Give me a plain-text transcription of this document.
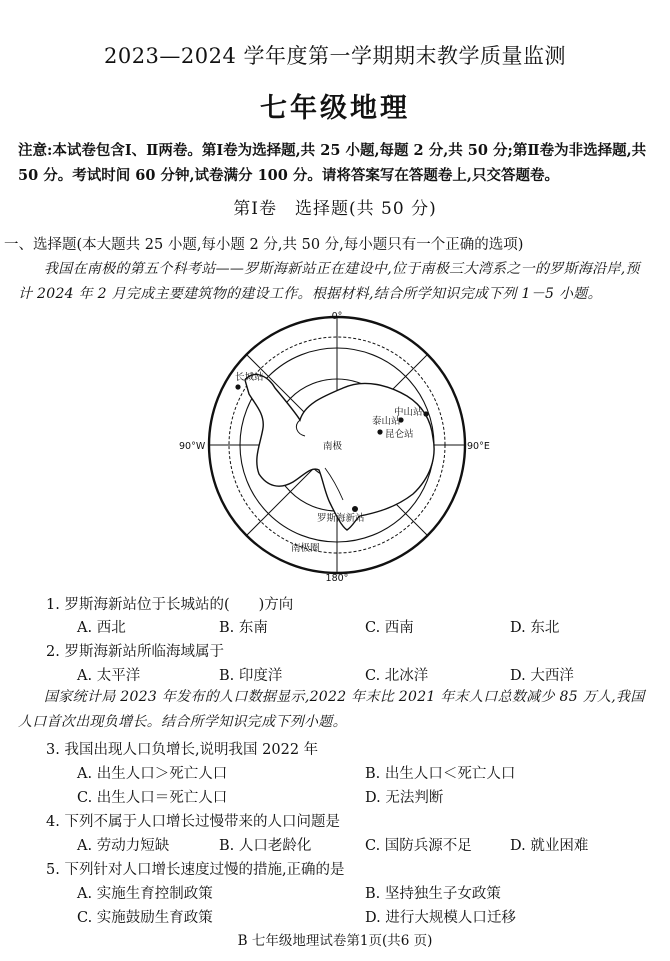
2023—2024 学年度第一学期期末教学质量监测
七年级地理
注意:本试卷包含Ⅰ、Ⅱ两卷。第Ⅰ卷为选择题,共 25 小题,每题 2 分,共 50 分;第Ⅱ卷为非选择题,共 50 分。考试时间 60 分钟,试卷满分 100 分。请将答案写在答题卷上,只交答题卷。
第Ⅰ卷　选择题(共 50 分)
一、选择题(本大题共 25 小题,每小题 2 分,共 50 分,每小题只有一个正确的选项)
我国在南极的第五个科考站——罗斯海新站正在建设中,位于南极三大湾系之一的罗斯海沿岸,预计 2024 年 2 月完成主要建筑物的建设工作。根据材料,结合所学知识完成下列 1－5 小题。
0°
90°W	90°E
180°
南极
长城站
泰山站
中山站
昆仑站
罗斯海新站
南极圈
1. 罗斯海新站位于长城站的(　　)方向
A. 西北	B. 东南	C. 西南	D. 东北
2. 罗斯海新站所临海域属于
A. 太平洋	B. 印度洋	C. 北冰洋	D. 大西洋
国家统计局 2023 年发布的人口数据显示,2022 年末比 2021 年末人口总数减少 85 万人,我国人口首次出现负增长。结合所学知识完成下列小题。
3. 我国出现人口负增长,说明我国 2022 年
A. 出生人口＞死亡人口	B. 出生人口＜死亡人口
C. 出生人口＝死亡人口	D. 无法判断
4. 下列不属于人口增长过慢带来的人口问题是
A. 劳动力短缺	B. 人口老龄化	C. 国防兵源不足	D. 就业困难
5. 下列针对人口增长速度过慢的措施,正确的是
A. 实施生育控制政策	B. 坚持独生子女政策
C. 实施鼓励生育政策	D. 进行大规模人口迁移
B 七年级地理试卷第1页(共6 页)
